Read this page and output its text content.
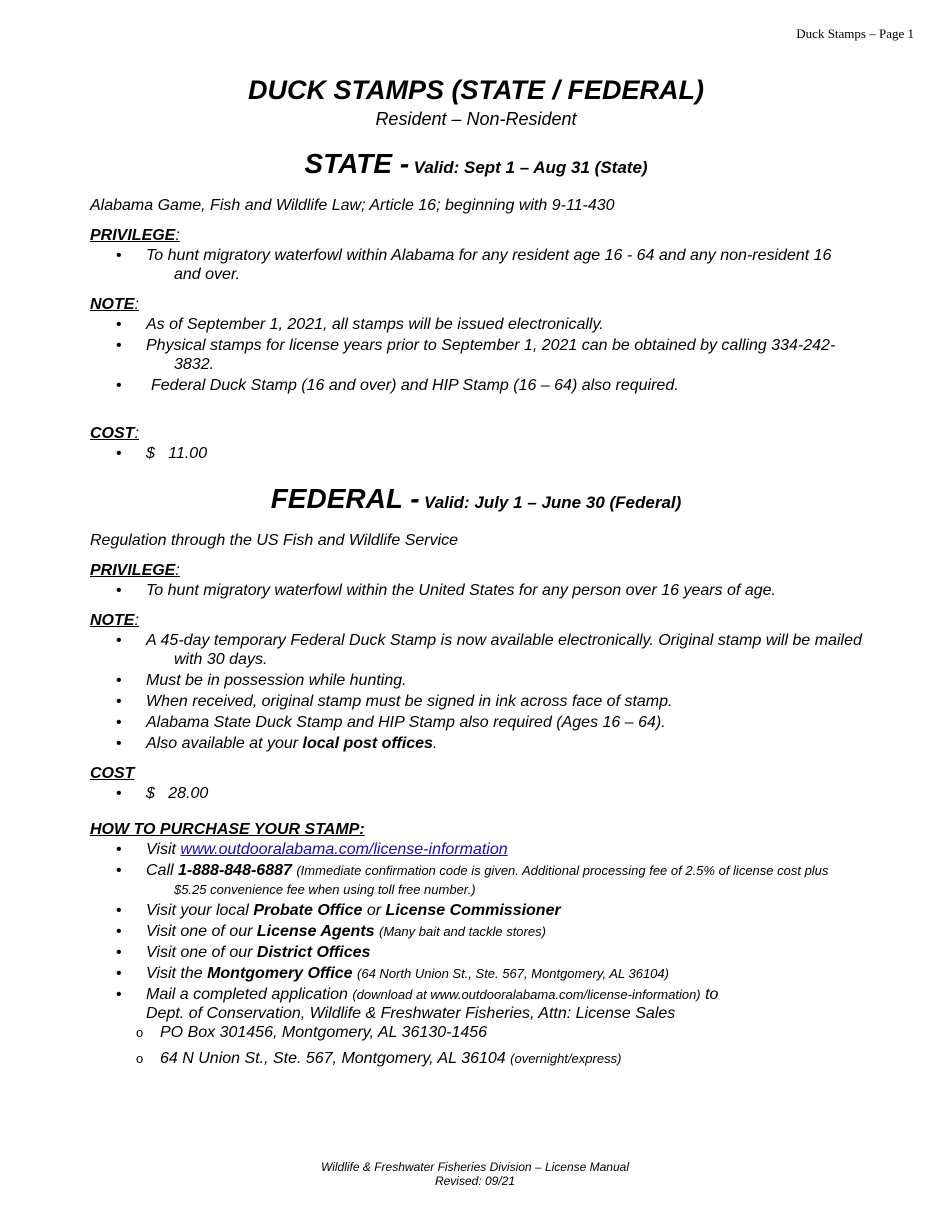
Duck Stamps – Page 1
DUCK STAMPS (STATE / FEDERAL)

Resident – Non-Resident

STATE - Valid: Sept 1 – Aug 31 (State)

Alabama Game, Fish and Wildlife Law; Article 16; beginning with 9-11-430

PRIVILEGE:

• To hunt migratory waterfowl within Alabama for any resident age 16 - 64 and any non-resident 16 and over.

NOTE:

• As of September 1, 2021, all stamps will be issued electronically.
• Physical stamps for license years prior to September 1, 2021 can be obtained by calling 334-242-3832.
•	Federal Duck Stamp (16 and over) and HIP Stamp (16 – 64) also required.

COST:

• $   11.00
FEDERAL - Valid: July 1 – June 30 (Federal)

Regulation through the US Fish and Wildlife Service

PRIVILEGE:

• To hunt migratory waterfowl within the United States for any person over 16 years of age.

NOTE:

• A 45-day temporary Federal Duck Stamp is now available electronically. Original stamp will be mailed with 30 days.
• Must be in possession while hunting.
• When received, original stamp must be signed in ink across face of stamp.
• Alabama State Duck Stamp and HIP Stamp also required (Ages 16 – 64).
• Also available at your local post offices.

COST

• $   28.00

HOW TO PURCHASE YOUR STAMP:

• Visit www.outdooralabama.com/license-information
• Call 1-888-848-6887 (Immediate confirmation code is given. Additional processing fee of 2.5% of license cost plus $5.25 convenience fee when using toll free number.)
• Visit your local Probate Office or License Commissioner
• Visit one of our License Agents (Many bait and tackle stores)
• Visit one of our District Offices
• Visit the Montgomery Office (64 North Union St., Ste. 567, Montgomery, AL 36104)
• Mail a completed application (download at www.outdooralabama.com/license-information) to
Dept. of Conservation, Wildlife & Freshwater Fisheries, Attn: License Sales
o PO Box 301456, Montgomery, AL 36130-1456
o 64 N Union St., Ste. 567, Montgomery, AL 36104 (overnight/express)
Wildlife & Freshwater Fisheries Division – License Manual
Revised: 09/21
